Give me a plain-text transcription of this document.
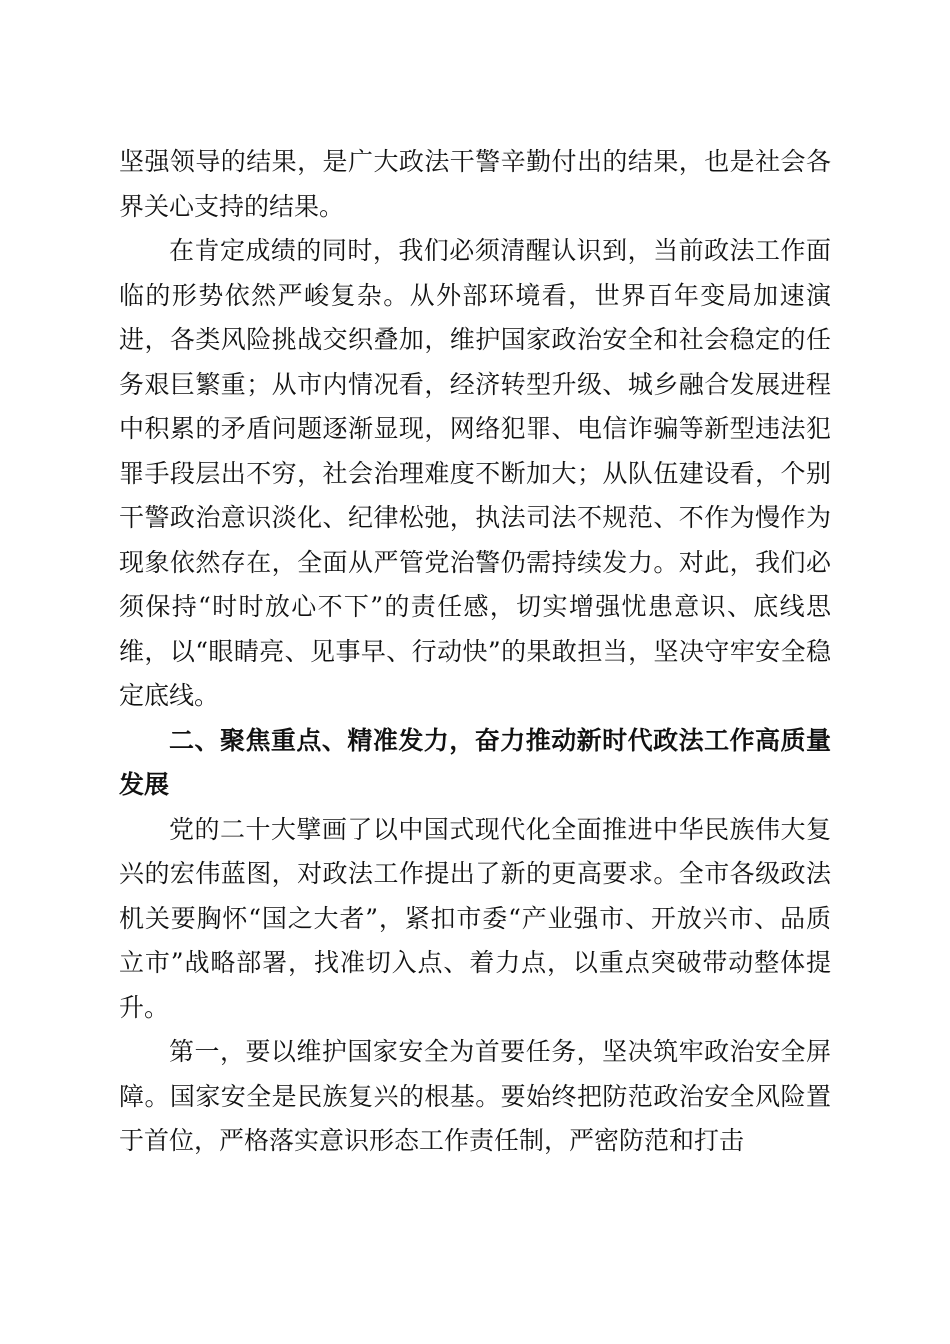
坚强领导的结果，是广大政法干警辛勤付出的结果，也是社会各界关心支持的结果。

在肯定成绩的同时，我们必须清醒认识到，当前政法工作面临的形势依然严峻复杂。从外部环境看，世界百年变局加速演进，各类风险挑战交织叠加，维护国家政治安全和社会稳定的任务艰巨繁重；从市内情况看，经济转型升级、城乡融合发展进程中积累的矛盾问题逐渐显现，网络犯罪、电信诈骗等新型违法犯罪手段层出不穷，社会治理难度不断加大；从队伍建设看，个别干警政治意识淡化、纪律松弛，执法司法不规范、不作为慢作为现象依然存在，全面从严管党治警仍需持续发力。对此，我们必须保持“时时放心不下”的责任感，切实增强忧患意识、底线思维，以“眼睛亮、见事早、行动快”的果敢担当，坚决守牢安全稳定底线。

二、聚焦重点、精准发力，奋力推动新时代政法工作高质量发展

党的二十大擘画了以中国式现代化全面推进中华民族伟大复兴的宏伟蓝图，对政法工作提出了新的更高要求。全市各级政法机关要胸怀“国之大者”，紧扣市委“产业强市、开放兴市、品质立市”战略部署，找准切入点、着力点，以重点突破带动整体提升。

第一，要以维护国家安全为首要任务，坚决筑牢政治安全屏障。国家安全是民族复兴的根基。要始终把防范政治安全风险置于首位，严格落实意识形态工作责任制，严密防范和打击
